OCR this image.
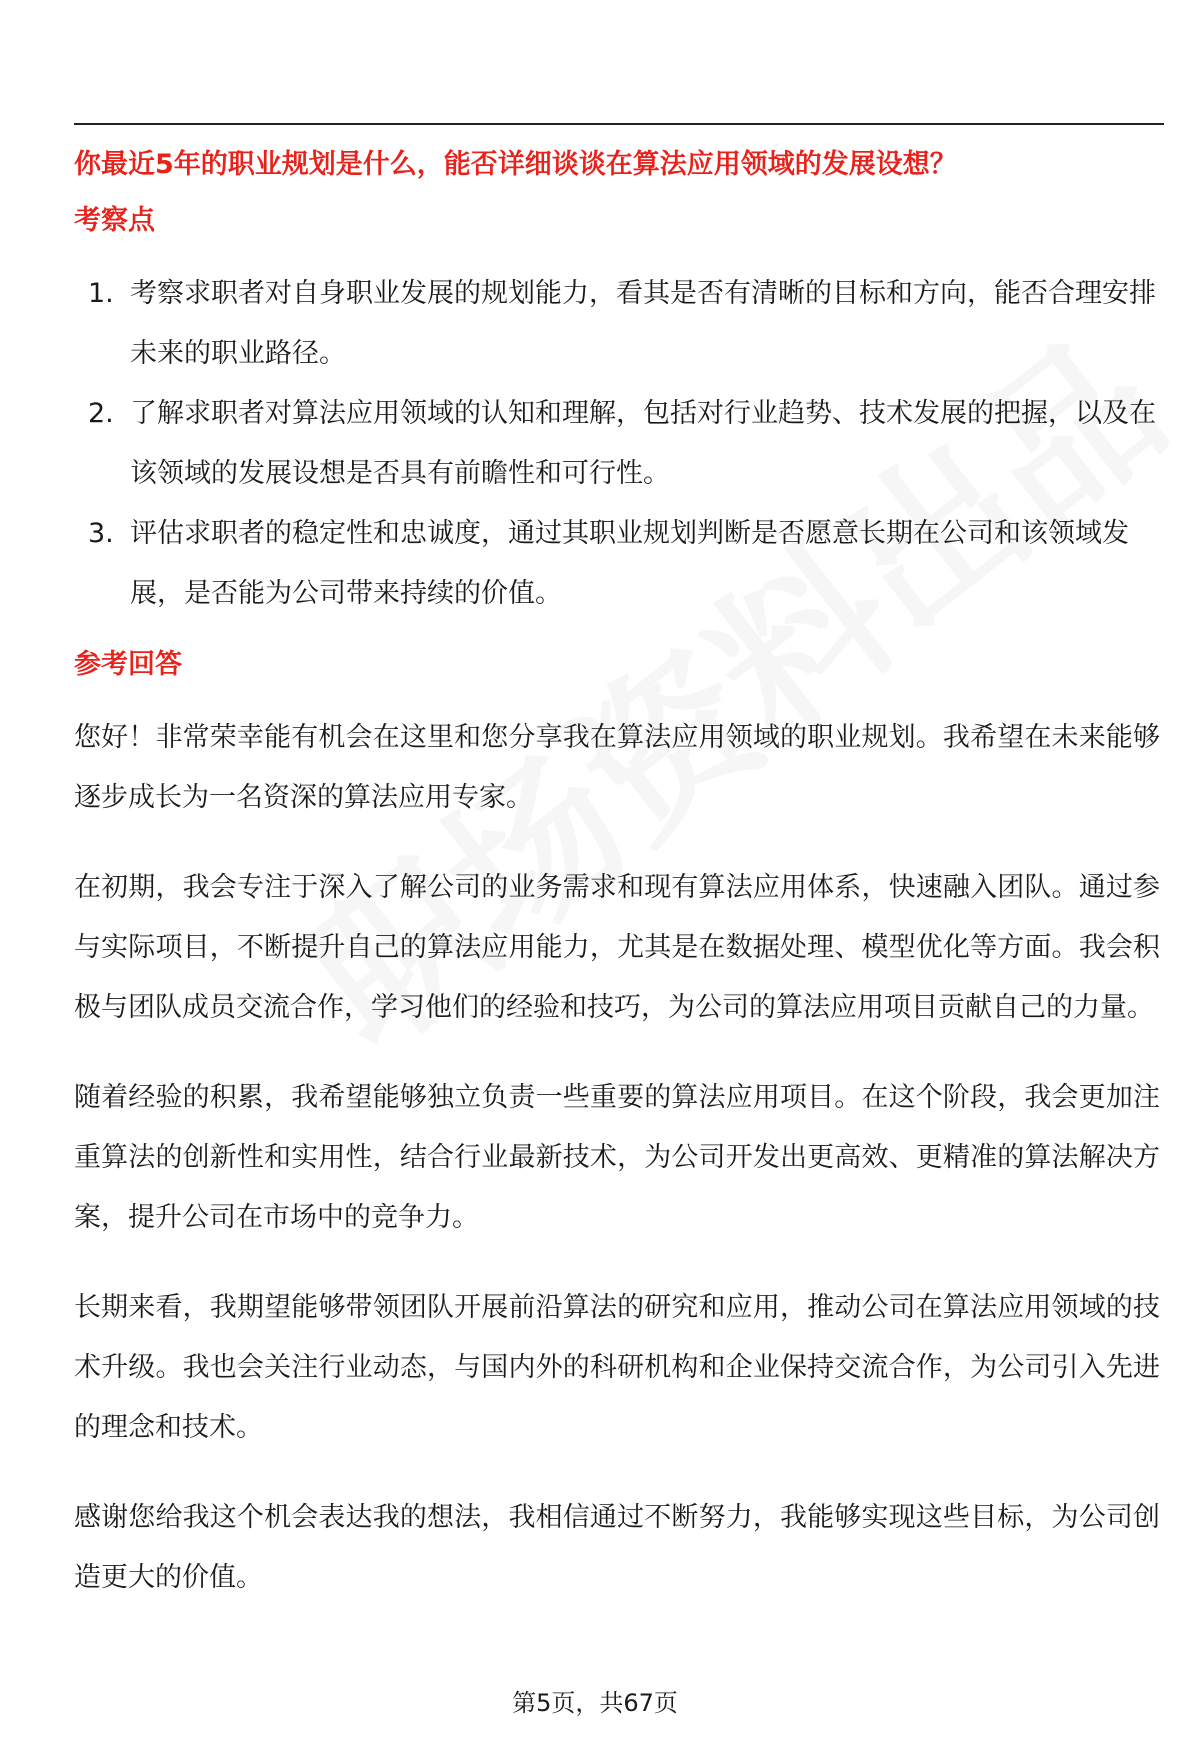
你最近5年的职业规划是什么，能否详细谈谈在算法应用领域的发展设想？
考察点
1. 考察求职者对自身职业发展的规划能力，看其是否有清晰的目标和方向，能否合理安排未来的职业路径。
2. 了解求职者对算法应用领域的认知和理解，包括对行业趋势、技术发展的把握，以及在该领域的发展设想是否具有前瞻性和可行性。
3. 评估求职者的稳定性和忠诚度，通过其职业规划判断是否愿意长期在公司和该领域发展，是否能为公司带来持续的价值。
参考回答

您好！非常荣幸能有机会在这里和您分享我在算法应用领域的职业规划。我希望在未来能够逐步成长为一名资深的算法应用专家。

在初期，我会专注于深入了解公司的业务需求和现有算法应用体系，快速融入团队。通过参与实际项目，不断提升自己的算法应用能力，尤其是在数据处理、模型优化等方面。我会积极与团队成员交流合作，学习他们的经验和技巧，为公司的算法应用项目贡献自己的力量。

随着经验的积累，我希望能够独立负责一些重要的算法应用项目。在这个阶段，我会更加注重算法的创新性和实用性，结合行业最新技术，为公司开发出更高效、更精准的算法解决方案，提升公司在市场中的竞争力。

长期来看，我期望能够带领团队开展前沿算法的研究和应用，推动公司在算法应用领域的技术升级。我也会关注行业动态，与国内外的科研机构和企业保持交流合作，为公司引入先进的理念和技术。

感谢您给我这个机会表达我的想法，我相信通过不断努力，我能够实现这些目标，为公司创造更大的价值。

第5页，共67页
